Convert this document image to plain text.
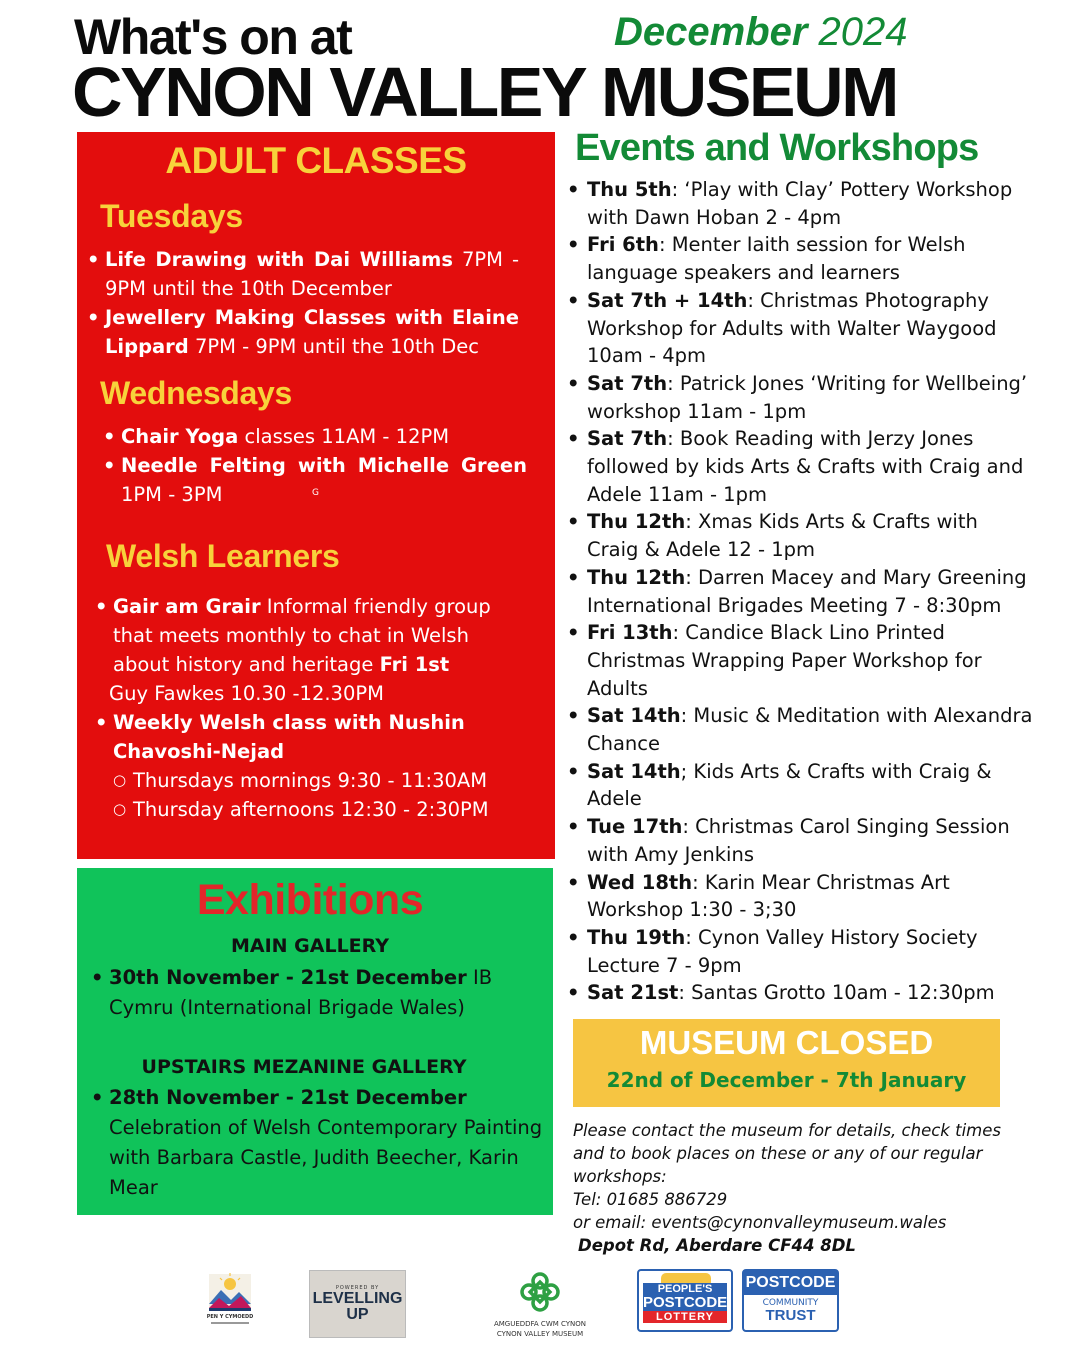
What's on at
CYNON VALLEY MUSEUM
December 2024
ADULT CLASSES
Tuesdays
• Life Drawing with Dai Williams 7PM - 9PM until the 10th December
• Jewellery Making Classes with Elaine Lippard 7PM - 9PM until the 10th Dec
Wednesdays
• Chair Yoga classes 11AM - 12PM
• Needle Felting with Michelle Green 1PM - 3PM	G
Welsh Learners
• Gair am Grair Informal friendly group that meets monthly to chat in Welsh about history and heritage Fri 1st
Guy Fawkes 10.30 -12.30PM
• Weekly Welsh class with Nushin Chavoshi-Nejad
○ Thursdays mornings 9:30 - 11:30AM
○ Thursday afternoons 12:30 - 2:30PM
Exhibitions
MAIN GALLERY
• 30th November - 21st December IB Cymru (International Brigade Wales)
UPSTAIRS MEZANINE GALLERY
• 28th November - 21st December
Celebration of Welsh Contemporary Painting with Barbara Castle, Judith Beecher, Karin Mear
Events and Workshops
• Thu 5th: ‘Play with Clay’ Pottery Workshop with Dawn Hoban 2 - 4pm
• Fri 6th: Menter Iaith session for Welsh language speakers and learners
• Sat 7th + 14th: Christmas Photography Workshop for Adults with Walter Waygood 10am - 4pm
• Sat 7th: Patrick Jones ‘Writing for Wellbeing’ workshop 11am - 1pm
• Sat 7th: Book Reading with Jerzy Jones followed by kids Arts & Crafts with Craig and Adele 11am - 1pm
• Thu 12th: Xmas Kids Arts & Crafts with Craig & Adele 12 - 1pm
• Thu 12th: Darren Macey and Mary Greening International Brigades Meeting 7 - 8:30pm
• Fri 13th: Candice Black Lino Printed Christmas Wrapping Paper Workshop for Adults
• Sat 14th: Music & Meditation with Alexandra Chance
• Sat 14th; Kids Arts & Crafts with Craig & Adele
• Tue 17th: Christmas Carol Singing Session with Amy Jenkins
• Wed 18th: Karin Mear Christmas Art Workshop 1:30 - 3;30
• Thu 19th: Cynon Valley History Society Lecture 7 - 9pm
• Sat 21st: Santas Grotto 10am - 12:30pm
MUSEUM CLOSED
22nd of December - 7th January
Please contact the museum for details, check times and to book places on these or any of our regular workshops:
Tel: 01685 886729
or email: events@cynonvalleymuseum.wales
Depot Rd, Aberdare CF44 8DL
PEN Y CYMOEDD
POWERED BY
LEVELLING
UP
AMGUEDDFA CWM CYNON
CYNON VALLEY MUSEUM
PEOPLE'S
POSTCODE
LOTTERY
POSTCODE
COMMUNITY
TRUST
